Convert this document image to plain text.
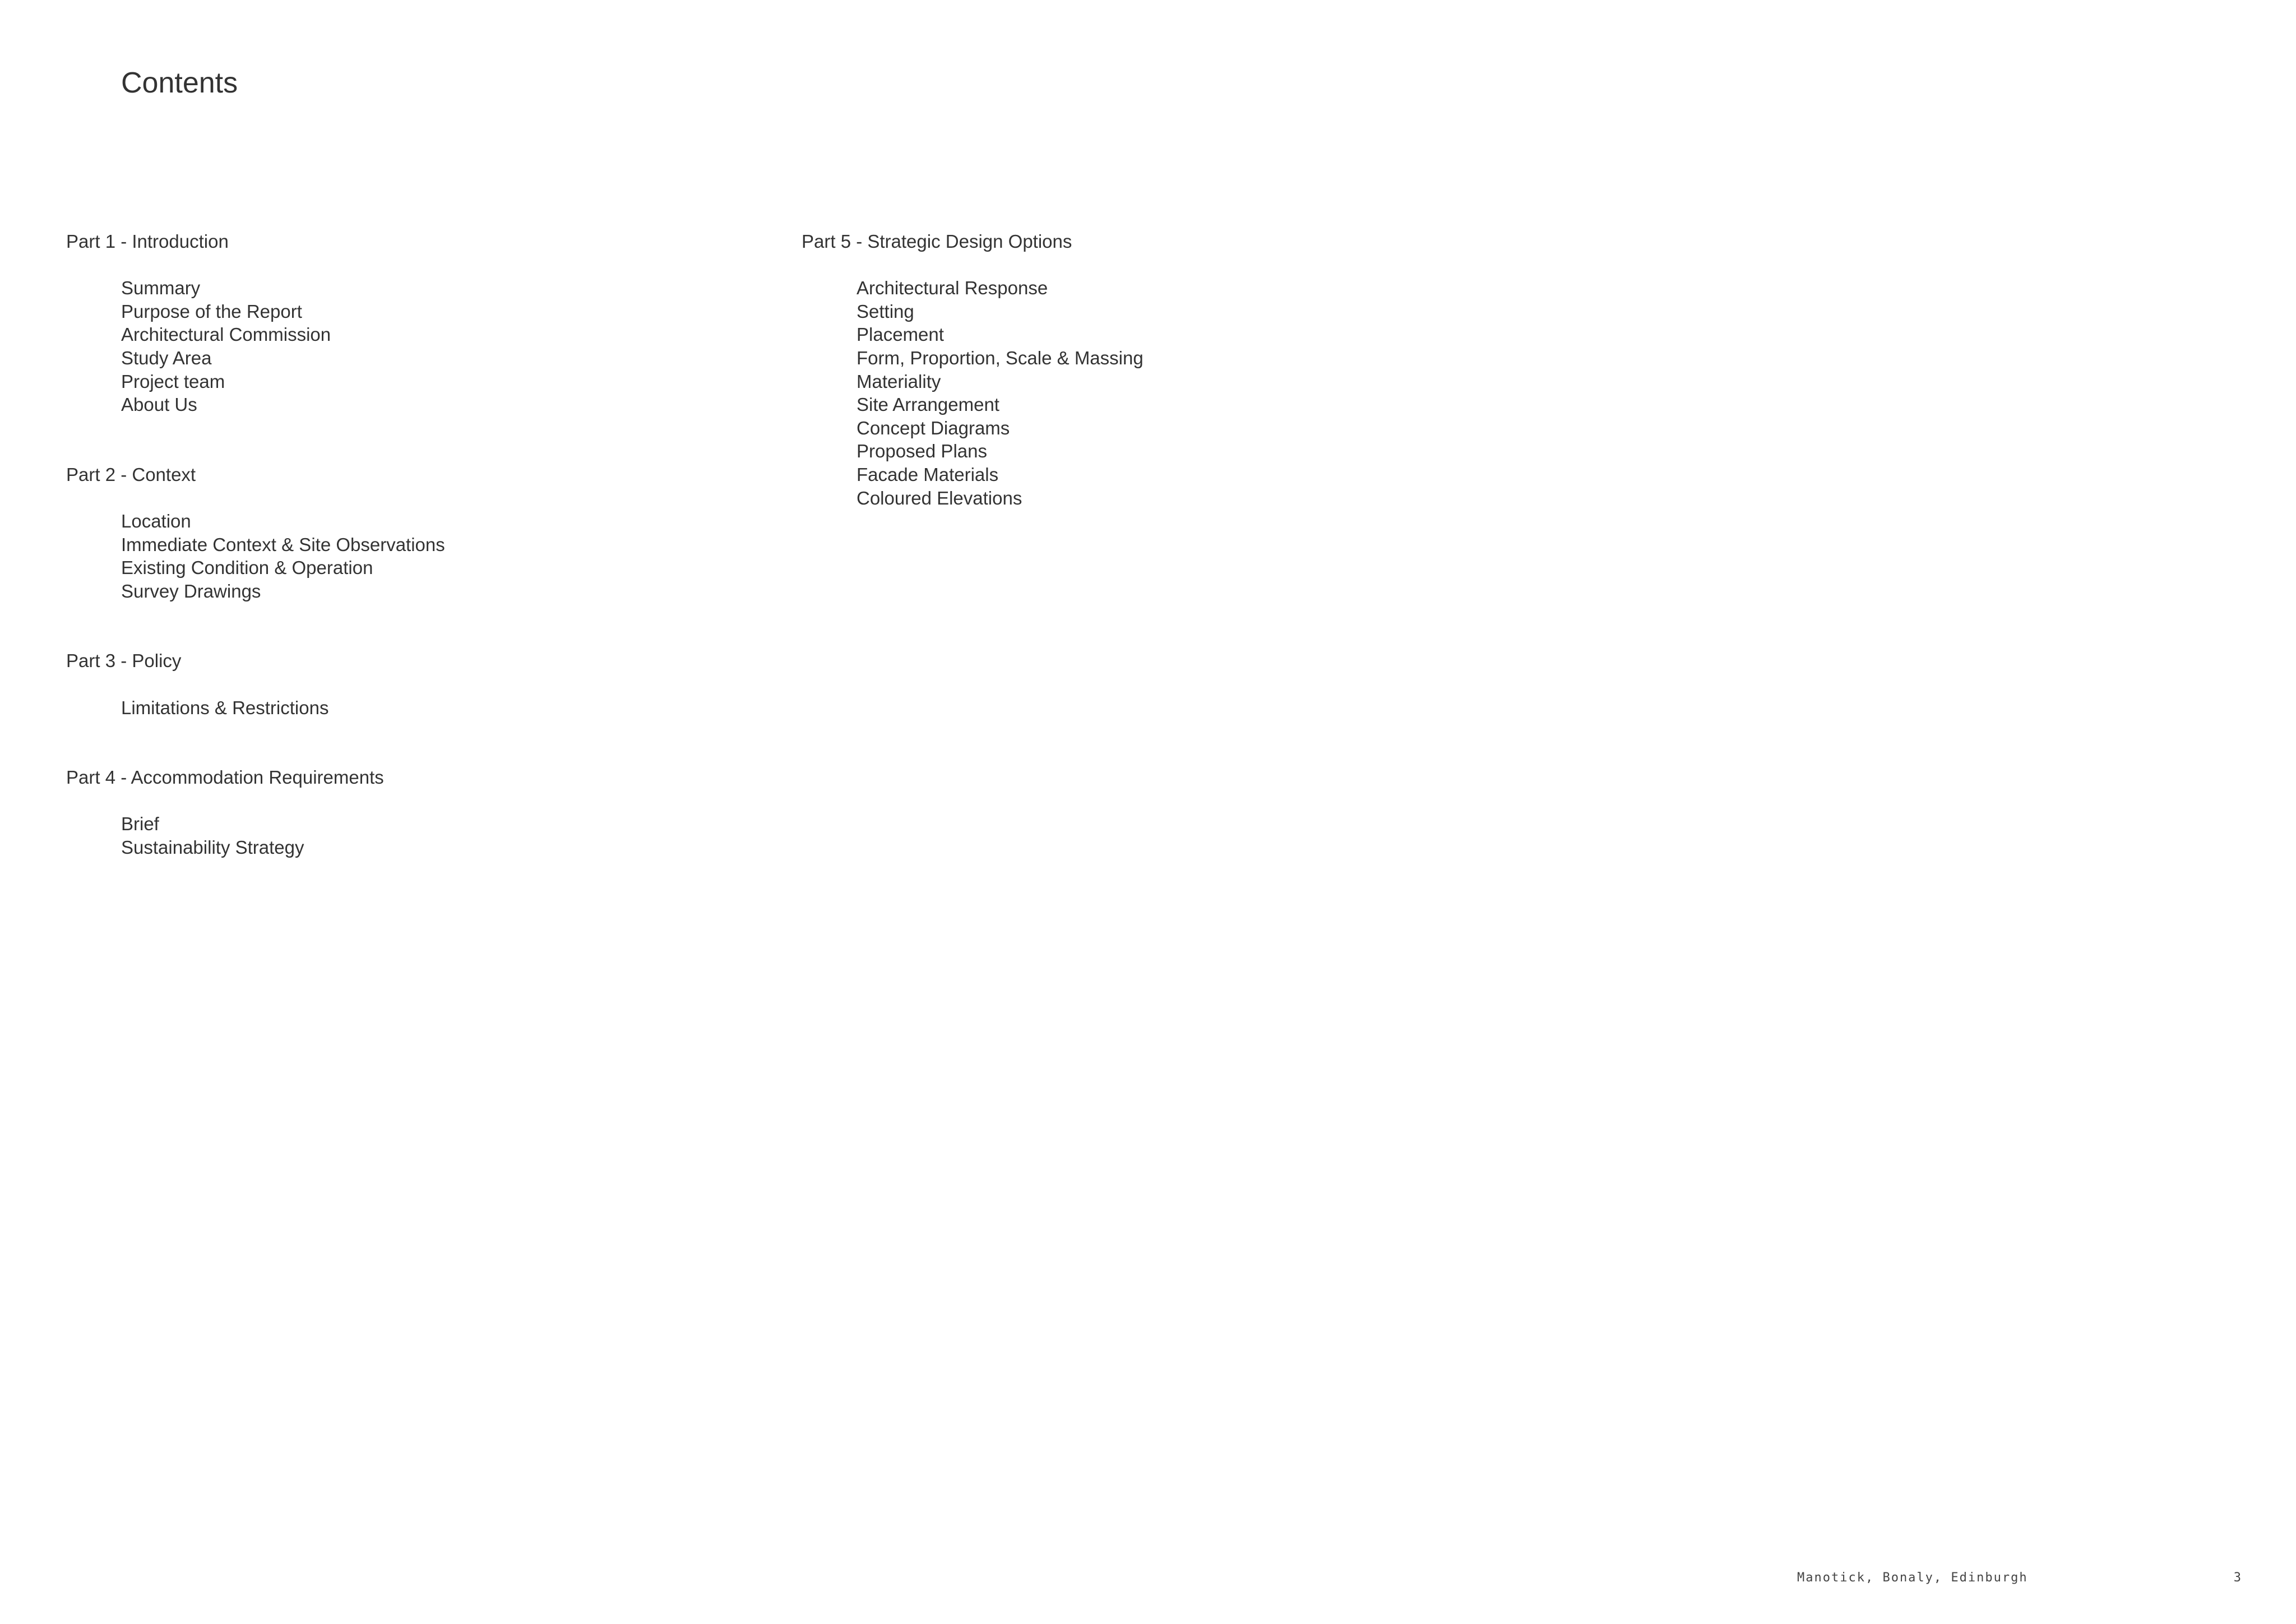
Contents
Part 1 - Introduction
Summary
Purpose of the Report
Architectural Commission
Study Area
Project team
About Us
Part 2 - Context
Location
Immediate Context & Site Observations
Existing Condition & Operation
Survey Drawings
Part 3 - Policy
Limitations & Restrictions
Part 4 - Accommodation Requirements
Brief
Sustainability Strategy
Part 5 - Strategic Design Options
Architectural Response
Setting
Placement
Form, Proportion, Scale & Massing
Materiality
Site Arrangement
Concept Diagrams
Proposed Plans
Facade Materials
Coloured Elevations
Manotick, Bonaly, Edinburgh	3
